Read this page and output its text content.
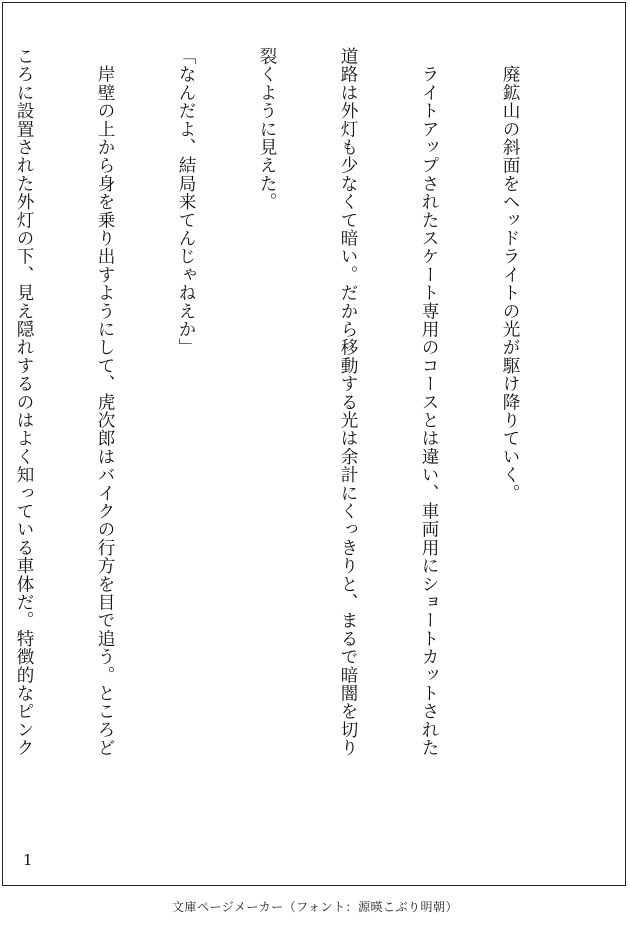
　廃鉱山の斜面をヘッドライトの光が駆け降りていく。

　ライトアップされたスケート専用のコースとは違い、車両用にショートカットされた

道路は外灯も少なくて暗い。だから移動する光は余計にくっきりと、まるで暗闇を切り

裂くように見えた。

「なんだよ、結局来てんじゃねえか」

　岸壁の上から身を乗り出すようにして、虎次郎はバイクの行方を目で追う。ところど

ころに設置された外灯の下、見え隠れするのはよく知っている車体だ。特徴的なピンク

1
文庫ページメーカー（フォント：源暎こぶり明朝）
